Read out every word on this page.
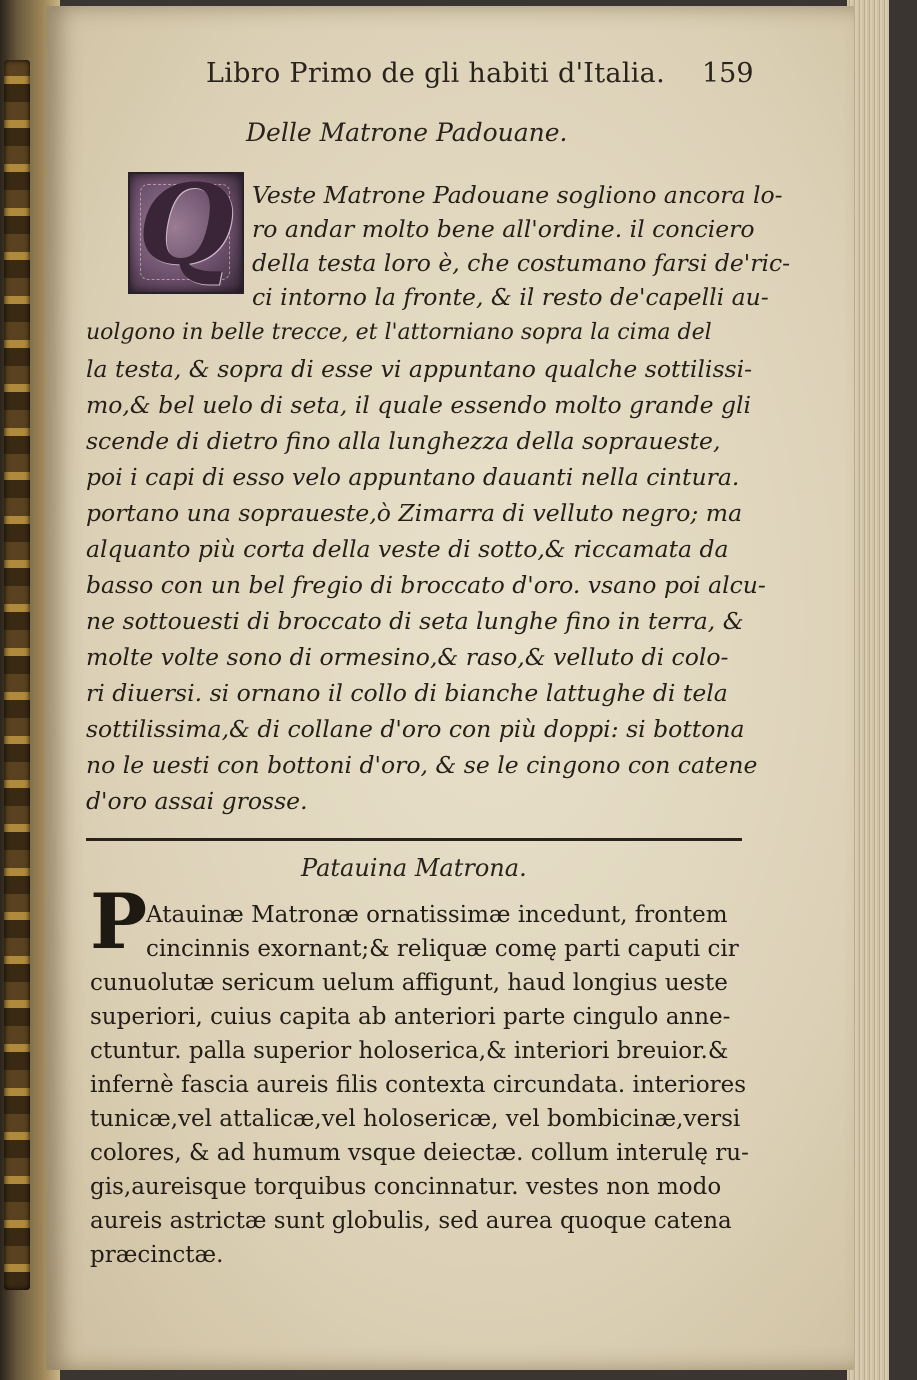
Libro Primo de gli habiti d'Italia. 159
Delle Matrone Padouane.
Q Veste Matrone Padouane sogliono ancora lo-
ro andar molto bene all'ordine. il conciero
della testa loro è, che costumano farsi de'ric-
ci intorno la fronte, & il resto de'capelli au-
uolgono in belle trecce, et l'attorniano sopra la cima del
la testa, & sopra di esse vi appuntano qualche sottilissi-
mo,& bel uelo di seta, il quale essendo molto grande gli
scende di dietro fino alla lunghezza della sopraueste,
poi i capi di esso velo appuntano dauanti nella cintura.
portano una sopraueste,ò Zimarra di velluto negro; ma
alquanto più corta della veste di sotto,& riccamata da
basso con un bel fregio di broccato d'oro. vsano poi alcu-
ne sottouesti di broccato di seta lunghe fino in terra, &
molte volte sono di ormesino,& raso,& velluto di colo-
ri diuersi. si ornano il collo di bianche lattughe di tela
sottilissima,& di collane d'oro con più doppi: si bottona
no le uesti con bottoni d'oro, & se le cingono con catene
d'oro assai grosse.
Patauina Matrona.
P
Atauinæ Matronæ ornatissimæ incedunt, frontem
cincinnis exornant;& reliquæ comę parti caputi cir
cunuolutæ sericum uelum affigunt, haud longius ueste
superiori, cuius capita ab anteriori parte cingulo anne-
ctuntur. palla superior holoserica,& interiori breuior.&
infernè fascia aureis filis contexta circundata. interiores
tunicæ,vel attalicæ,vel holosericæ, vel bombicinæ,versi
colores, & ad humum vsque deiectæ. collum interulę ru-
gis,aureisque torquibus concinnatur. vestes non modo
aureis astrictæ sunt globulis, sed aurea quoque catena
præcinctæ.
